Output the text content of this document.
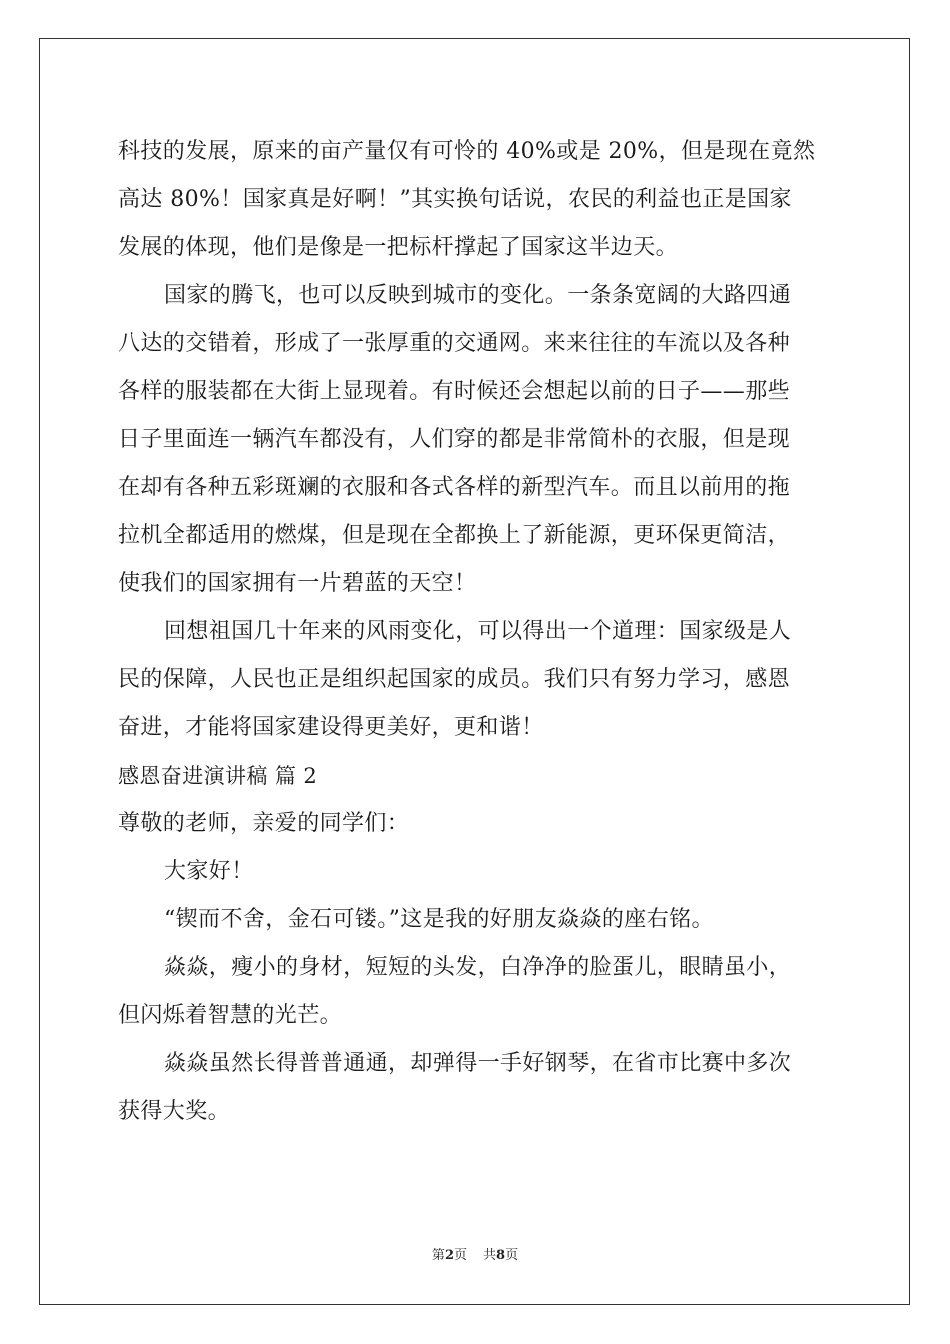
科技的发展，原来的亩产量仅有可怜的 40%或是 20%，但是现在竟然
高达 80%！国家真是好啊！”其实换句话说，农民的利益也正是国家
发展的体现，他们是像是一把标杆撑起了国家这半边天。
国家的腾飞，也可以反映到城市的变化。一条条宽阔的大路四通
八达的交错着，形成了一张厚重的交通网。来来往往的车流以及各种
各样的服装都在大街上显现着。有时候还会想起以前的日子——那些
日子里面连一辆汽车都没有，人们穿的都是非常简朴的衣服，但是现
在却有各种五彩斑斓的衣服和各式各样的新型汽车。而且以前用的拖
拉机全都适用的燃煤，但是现在全都换上了新能源，更环保更简洁，
使我们的国家拥有一片碧蓝的天空！
回想祖国几十年来的风雨变化，可以得出一个道理：国家级是人
民的保障，人民也正是组织起国家的成员。我们只有努力学习，感恩
奋进，才能将国家建设得更美好，更和谐！
感恩奋进演讲稿 篇 2
尊敬的老师，亲爱的同学们：
大家好！
“锲而不舍，金石可镂。”这是我的好朋友焱焱的座右铭。
焱焱，瘦小的身材，短短的头发，白净净的脸蛋儿，眼睛虽小，
但闪烁着智慧的光芒。
焱焱虽然长得普普通通，却弹得一手好钢琴，在省市比赛中多次
获得大奖。
第2页 共8页
